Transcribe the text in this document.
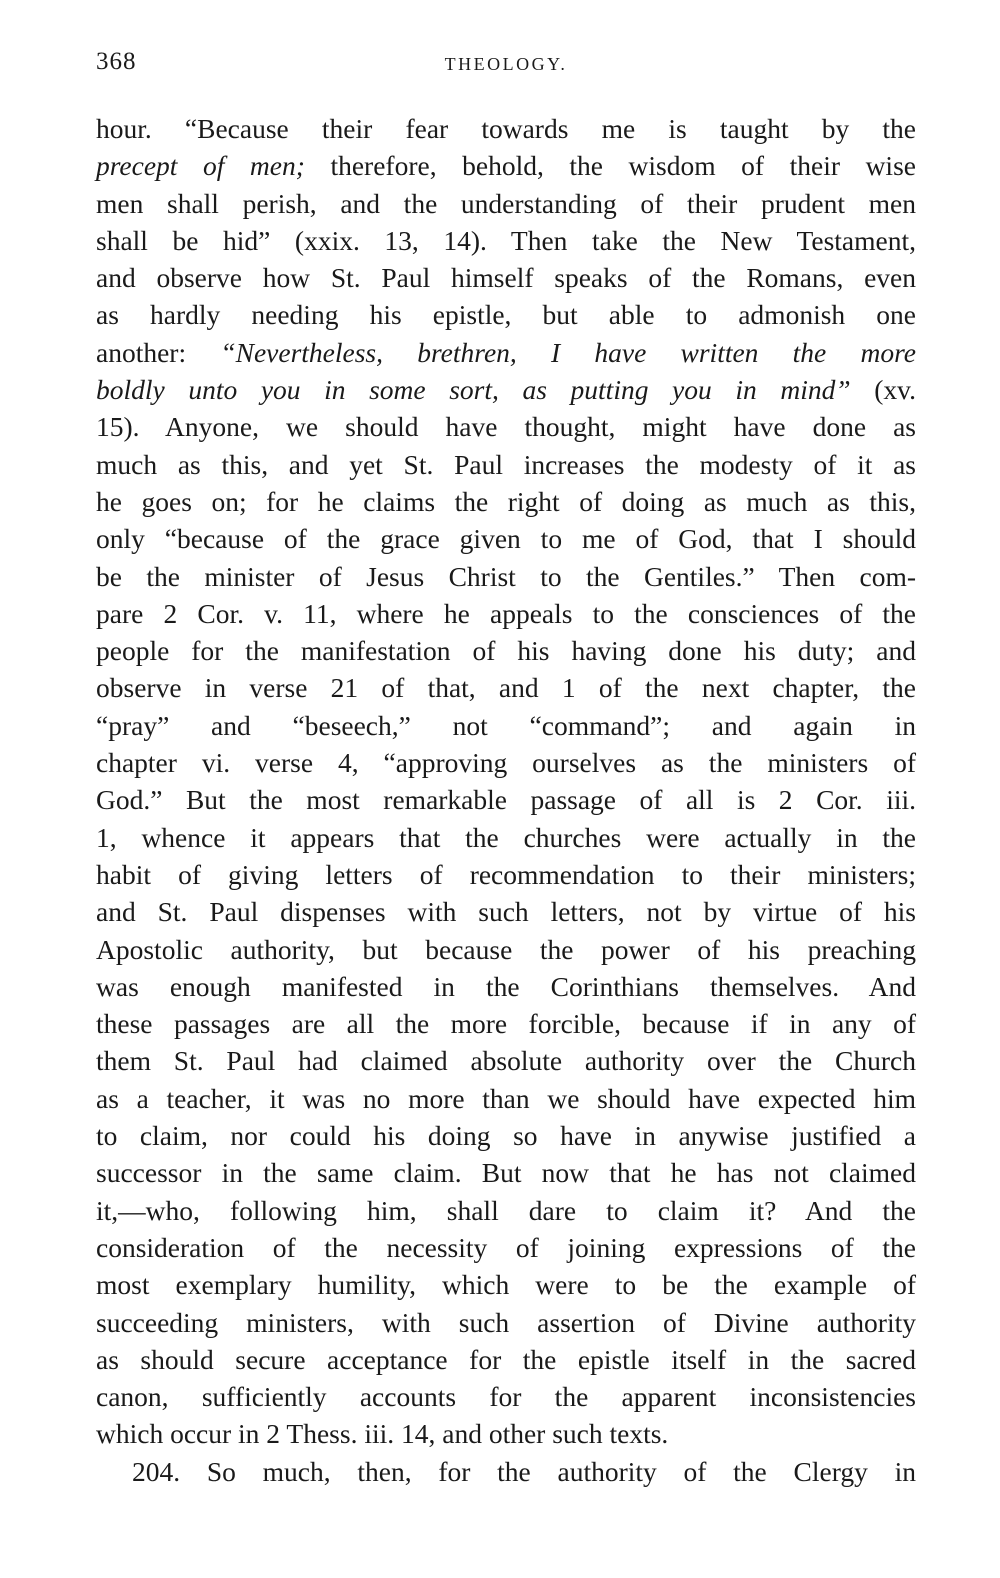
368	THEOLOGY.
hour. “Because their fear towards me is taught by the
precept of men; therefore, behold, the wisdom of their wise
men shall perish, and the understanding of their prudent men
shall be hid” (xxix. 13, 14). Then take the New Testament,
and observe how St. Paul himself speaks of the Romans, even
as hardly needing his epistle, but able to admonish one
another: “Nevertheless, brethren, I have written the more
boldly unto you in some sort, as putting you in mind” (xv.
15). Anyone, we should have thought, might have done as
much as this, and yet St. Paul increases the modesty of it as
he goes on; for he claims the right of doing as much as this,
only “because of the grace given to me of God, that I should
be the minister of Jesus Christ to the Gentiles.” Then com-
pare 2 Cor. v. 11, where he appeals to the consciences of the
people for the manifestation of his having done his duty; and
observe in verse 21 of that, and 1 of the next chapter, the
“pray” and “beseech,” not “command”; and again in
chapter vi. verse 4, “approving ourselves as the ministers of
God.” But the most remarkable passage of all is 2 Cor. iii.
1, whence it appears that the churches were actually in the
habit of giving letters of recommendation to their ministers;
and St. Paul dispenses with such letters, not by virtue of his
Apostolic authority, but because the power of his preaching
was enough manifested in the Corinthians themselves. And
these passages are all the more forcible, because if in any of
them St. Paul had claimed absolute authority over the Church
as a teacher, it was no more than we should have expected him
to claim, nor could his doing so have in anywise justified a
successor in the same claim. But now that he has not claimed
it,—who, following him, shall dare to claim it? And the
consideration of the necessity of joining expressions of the
most exemplary humility, which were to be the example of
succeeding ministers, with such assertion of Divine authority
as should secure acceptance for the epistle itself in the sacred
canon, sufficiently accounts for the apparent inconsistencies
which occur in 2 Thess. iii. 14, and other such texts.
204. So much, then, for the authority of the Clergy in
